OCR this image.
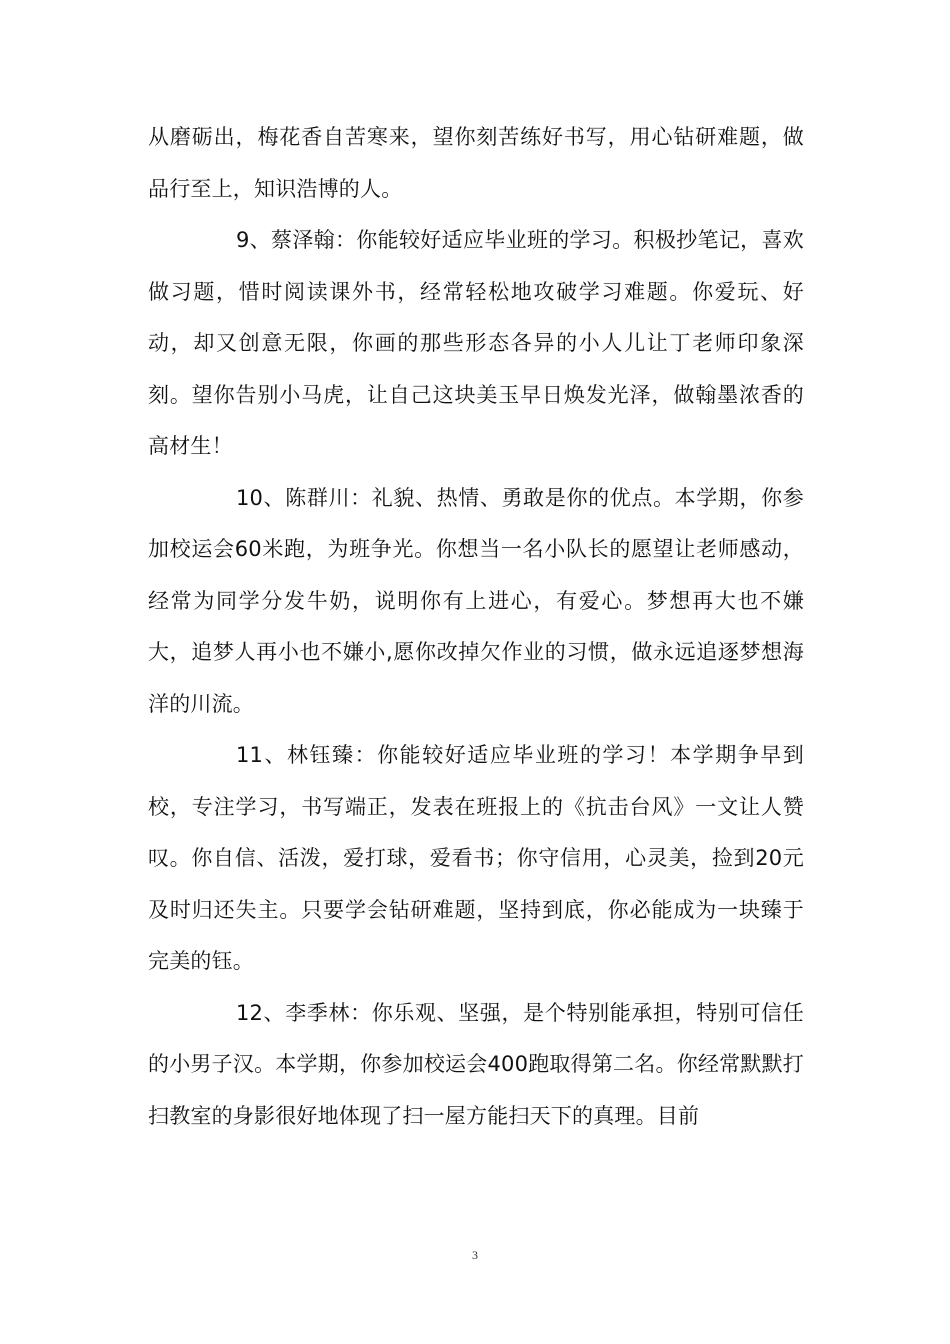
从磨砺出，梅花香自苦寒来，望你刻苦练好书写，用心钻研难题，做品行至上，知识浩博的人。

9、蔡泽翰：你能较好适应毕业班的学习。积极抄笔记，喜欢做习题，惜时阅读课外书，经常轻松地攻破学习难题。你爱玩、好动，却又创意无限，你画的那些形态各异的小人儿让丁老师印象深刻。望你告别小马虎，让自己这块美玉早日焕发光泽，做翰墨浓香的高材生！

10、陈群川：礼貌、热情、勇敢是你的优点。本学期，你参加校运会60米跑，为班争光。你想当一名小队长的愿望让老师感动，经常为同学分发牛奶，说明你有上进心，有爱心。梦想再大也不嫌大，追梦人再小也不嫌小,愿你改掉欠作业的习惯，做永远追逐梦想海洋的川流。

11、林钰臻：你能较好适应毕业班的学习！本学期争早到校，专注学习，书写端正，发表在班报上的《抗击台风》一文让人赞叹。你自信、活泼，爱打球，爱看书；你守信用，心灵美，捡到20元及时归还失主。只要学会钻研难题，坚持到底，你必能成为一块臻于完美的钰。

12、李季林：你乐观、坚强，是个特别能承担，特别可信任的小男子汉。本学期，你参加校运会400跑取得第二名。你经常默默打扫教室的身影很好地体现了扫一屋方能扫天下的真理。目前

3
